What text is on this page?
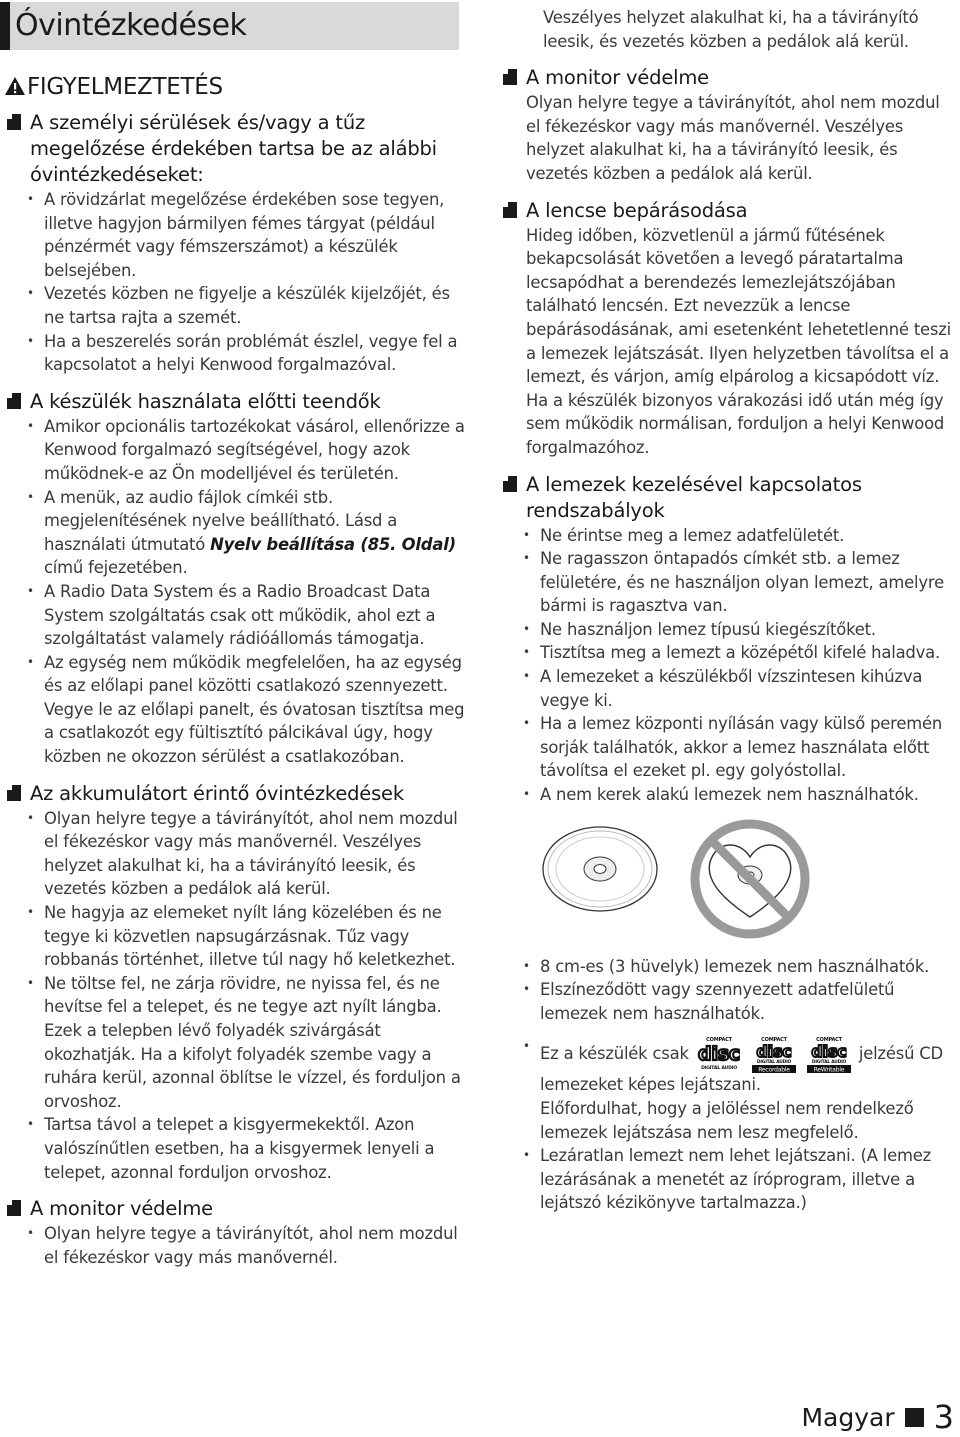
Óvintézkedések
FIGYELMEZTETÉS
A személyi sérülések és/vagy a tűz megelőzése érdekében tartsa be az alábbi óvintézkedéseket:
• A rövidzárlat megelőzése érdekében sose tegyen, illetve hagyjon bármilyen fémes tárgyat (például pénzérmét vagy fémszerszámot) a készülék belsejében.
• Vezetés közben ne figyelje a készülék kijelzőjét, és ne tartsa rajta a szemét.
• Ha a beszerelés során problémát észlel, vegye fel a kapcsolatot a helyi Kenwood forgalmazóval.
A készülék használata előtti teendők
• Amikor opcionális tartozékokat vásárol, ellenőrizze a Kenwood forgalmazó segítségével, hogy azok működnek-e az Ön modelljével és területén.
• A menük, az audio fájlok címkéi stb. megjelenítésének nyelve beállítható. Lásd a használati útmutató Nyelv beállítása (85. Oldal) című fejezetében.
• A Radio Data System és a Radio Broadcast Data System szolgáltatás csak ott működik, ahol ezt a szolgáltatást valamely rádióállomás támogatja.
• Az egység nem működik megfelelően, ha az egység és az előlapi panel közötti csatlakozó szennyezett. Vegye le az előlapi panelt, és óvatosan tisztítsa meg a csatlakozót egy fültisztító pálcikával úgy, hogy közben ne okozzon sérülést a csatlakozóban.
Az akkumulátort érintő óvintézkedések
• Olyan helyre tegye a távirányítót, ahol nem mozdul el fékezéskor vagy más manővernél. Veszélyes helyzet alakulhat ki, ha a távirányító leesik, és vezetés közben a pedálok alá kerül.
• Ne hagyja az elemeket nyílt láng közelében és ne tegye ki közvetlen napsugárzásnak. Tűz vagy robbanás történhet, illetve túl nagy hő keletkezhet.
• Ne töltse fel, ne zárja rövidre, ne nyissa fel, és ne hevítse fel a telepet, és ne tegye azt nyílt lángba. Ezek a telepben lévő folyadék szivárgását okozhatják. Ha a kifolyt folyadék szembe vagy a ruhára kerül, azonnal öblítse le vízzel, és forduljon a orvoshoz.
• Tartsa távol a telepet a kisgyermekektől. Azon valószínűtlen esetben, ha a kisgyermek lenyeli a telepet, azonnal forduljon orvoshoz.
A monitor védelme
• Olyan helyre tegye a távirányítót, ahol nem mozdul el fékezéskor vagy más manővernél.

Veszélyes helyzet alakulhat ki, ha a távirányító leesik, és vezetés közben a pedálok alá kerül.

A monitor védelme

Olyan helyre tegye a távirányítót, ahol nem mozdul el fékezéskor vagy más manővernél. Veszélyes helyzet alakulhat ki, ha a távirányító leesik, és vezetés közben a pedálok alá kerül.

A lencse bepárásodása

Hideg időben, közvetlenül a jármű fűtésének bekapcsolását követően a levegő páratartalma lecsapódhat a berendezés lemezlejátszójában található lencsén. Ezt nevezzük a lencse bepárásodásának, ami esetenként lehetetlenné teszi a lemezek lejátszását. Ilyen helyzetben távolítsa el a lemezt, és várjon, amíg elpárolog a kicsapódott víz. Ha a készülék bizonyos várakozási idő után még így sem működik normálisan, forduljon a helyi Kenwood forgalmazóhoz.

A lemezek kezelésével kapcsolatos rendszabályok
• Ne érintse meg a lemez adatfelületét.
• Ne ragasszon öntapadós címkét stb. a lemez felületére, és ne használjon olyan lemezt, amelyre bármi is ragasztva van.
• Ne használjon lemez típusú kiegészítőket.
• Tisztítsa meg a lemezt a középétől kifelé haladva.
• A lemezeket a készülékből vízszintesen kihúzva vegye ki.
• Ha a lemez központi nyílásán vagy külső peremén sorják találhatók, akkor a lemez használata előtt távolítsa el ezeket pl. egy golyóstollal.
• A nem kerek alakú lemezek nem használhatók.
• 8 cm-es (3 hüvelyk) lemezek nem használhatók.
• Elszíneződött vagy szennyezett adatfelületű lemezek nem használhatók.
• Ez a készülék csak
COMPACT
disc
DIGITAL AUDIO

COMPACT
disc
DIGITAL AUDIO
Recordable

COMPACT
disc
DIGITAL AUDIO
ReWritable
jelzésű CD lemezeket képes lejátszani.
Előfordulhat, hogy a jelöléssel nem rendelkező lemezek lejátszása nem lesz megfelelő.
• Lezáratlan lemezt nem lehet lejátszani. (A lemez lezárásának a menetét az íróprogram, illetve a lejátszó kézikönyve tartalmazza.)
Magyar 3
